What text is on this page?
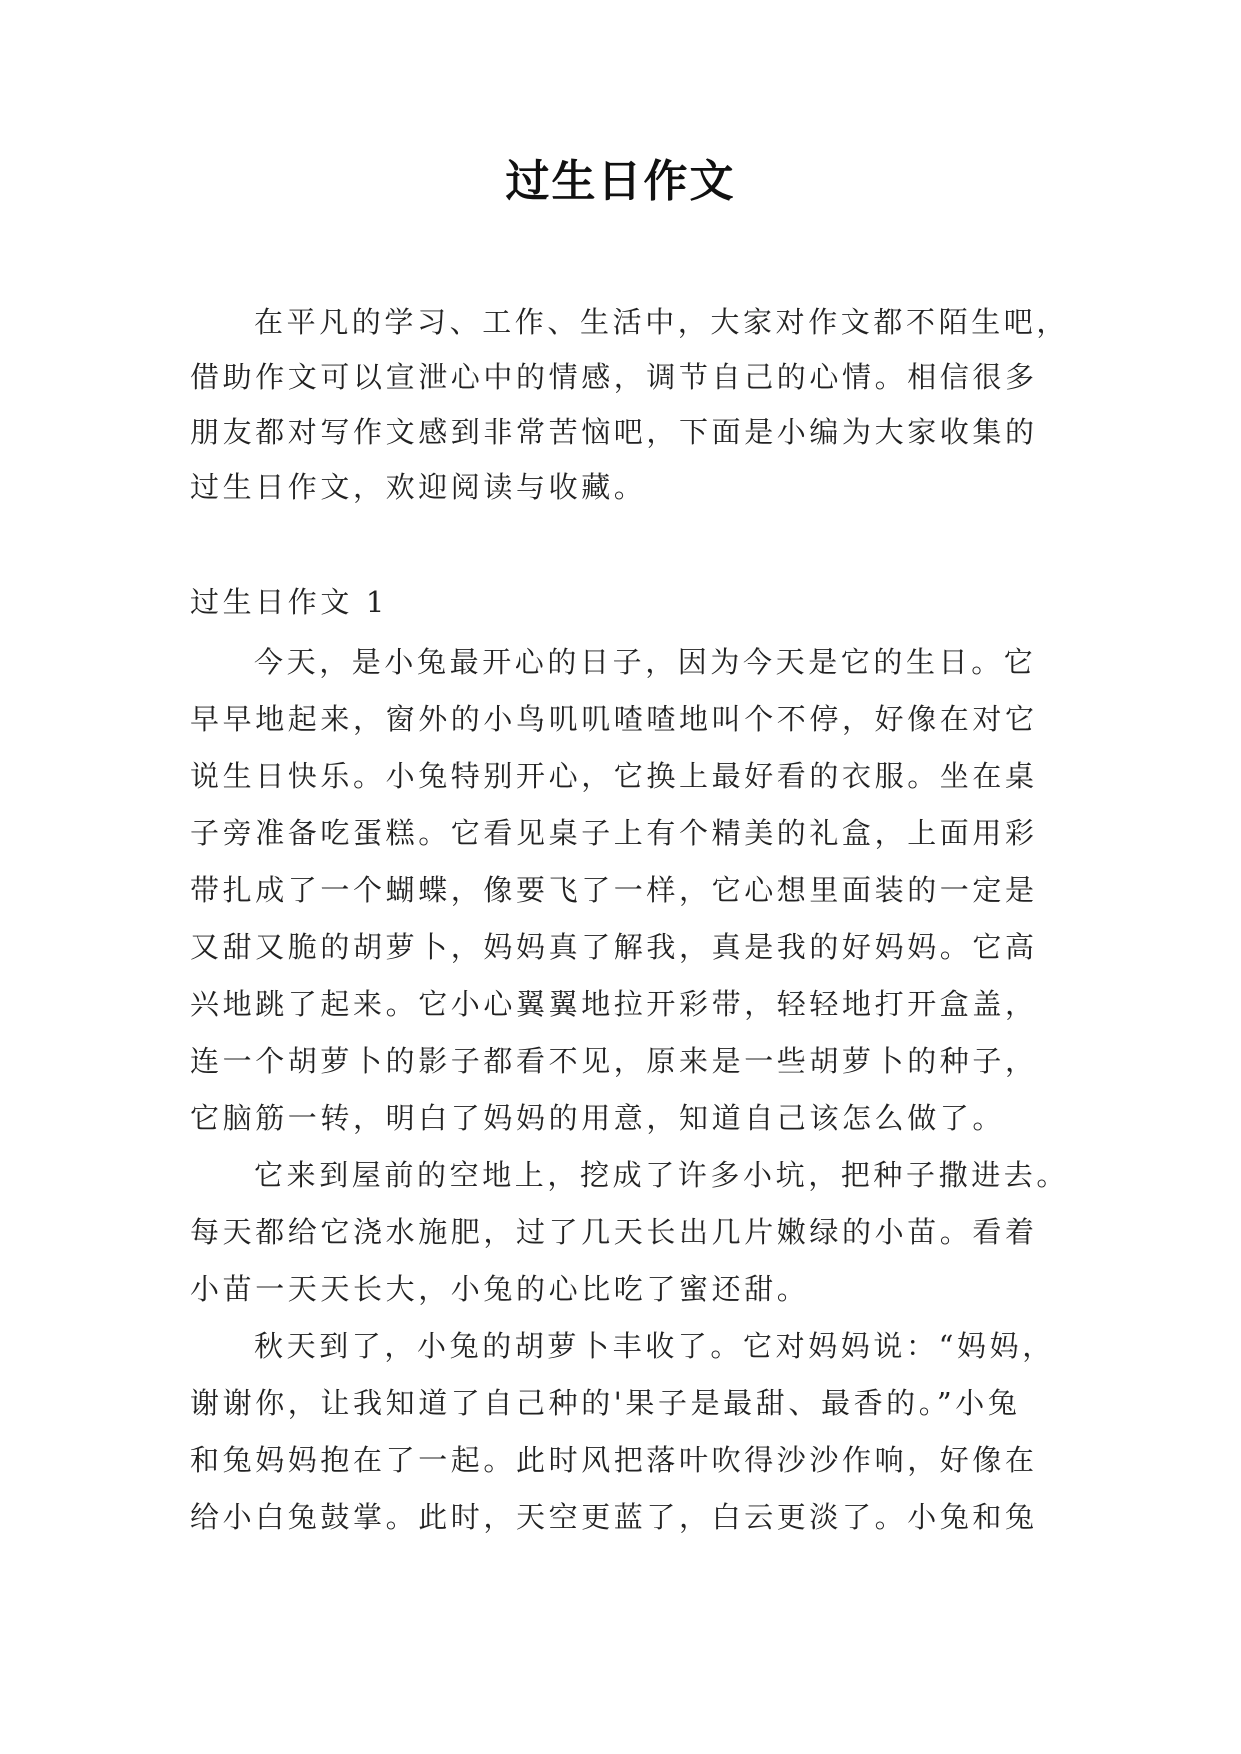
过生日作文
在平凡的学习、工作、生活中，大家对作文都不陌生吧，
借助作文可以宣泄心中的情感，调节自己的心情。相信很多
朋友都对写作文感到非常苦恼吧，下面是小编为大家收集的
过生日作文，欢迎阅读与收藏。
过生日作文 1
今天，是小兔最开心的日子，因为今天是它的生日。它
早早地起来，窗外的小鸟叽叽喳喳地叫个不停，好像在对它
说生日快乐。小兔特别开心，它换上最好看的衣服。坐在桌
子旁准备吃蛋糕。它看见桌子上有个精美的礼盒，上面用彩
带扎成了一个蝴蝶，像要飞了一样，它心想里面装的一定是
又甜又脆的胡萝卜，妈妈真了解我，真是我的好妈妈。它高
兴地跳了起来。它小心翼翼地拉开彩带，轻轻地打开盒盖，
连一个胡萝卜的影子都看不见，原来是一些胡萝卜的种子，
它脑筋一转，明白了妈妈的用意，知道自己该怎么做了。
它来到屋前的空地上，挖成了许多小坑，把种子撒进去。
每天都给它浇水施肥，过了几天长出几片嫩绿的小苗。看着
小苗一天天长大，小兔的心比吃了蜜还甜。
秋天到了，小兔的胡萝卜丰收了。它对妈妈说：“妈妈，
谢谢你，让我知道了自己种的'果子是最甜、最香的。”小兔
和兔妈妈抱在了一起。此时风把落叶吹得沙沙作响，好像在
给小白兔鼓掌。此时，天空更蓝了，白云更淡了。小兔和兔
